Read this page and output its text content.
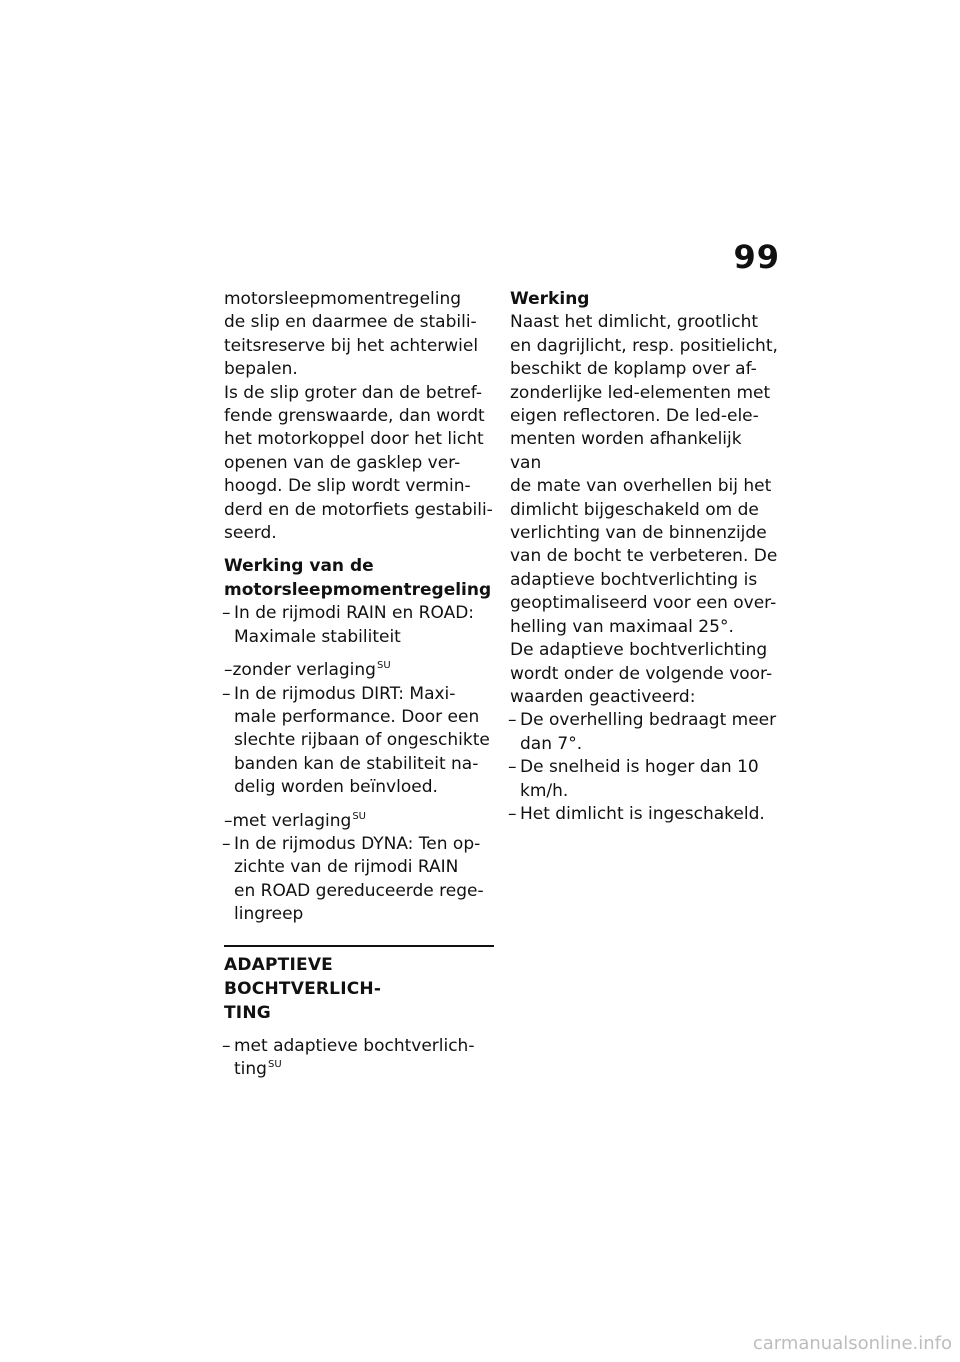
99

motorsleepmomentregeling
de slip en daarmee de stabili-
teitsreserve bij het achterwiel
bepalen.

Is de slip groter dan de betref-
fende grenswaarde, dan wordt
het motorkoppel door het licht
openen van de gasklep ver-
hoogd. De slip wordt vermin-
derd en de motorfiets gestabili-
seerd.

Werking van de
motorsleepmomentregeling
– In de rijmodi RAIN en ROAD:
Maximale stabiliteit
–zonder verlaging$^{SU}$
– In de rijmodus DIRT: Maxi-
male performance. Door een
slechte rijbaan of ongeschikte
banden kan de stabiliteit na-
delig worden beïnvloed.
–met verlaging$^{SU}$
– In de rijmodus DYNA: Ten op-
zichte van de rijmodi RAIN
en ROAD gereduceerde rege-
lingreep
ADAPTIEVE BOCHTVERLICH-
TING
– met adaptieve bochtverlich-
ting$^{SU}$
Werking

Naast het dimlicht, grootlicht
en dagrijlicht, resp. positielicht,
beschikt de koplamp over af-
zonderlijke led-elementen met
eigen reflectoren. De led-ele-
menten worden afhankelijk van
de mate van overhellen bij het
dimlicht bijgeschakeld om de
verlichting van de binnenzijde
van de bocht te verbeteren. De
adaptieve bochtverlichting is
geoptimaliseerd voor een over-
helling van maximaal 25°.

De adaptieve bochtverlichting
wordt onder de volgende voor-
waarden geactiveerd:

– De overhelling bedraagt meer
dan 7°.
– De snelheid is hoger dan 10
km/h.
– Het dimlicht is ingeschakeld.
carmanualsonline.info
